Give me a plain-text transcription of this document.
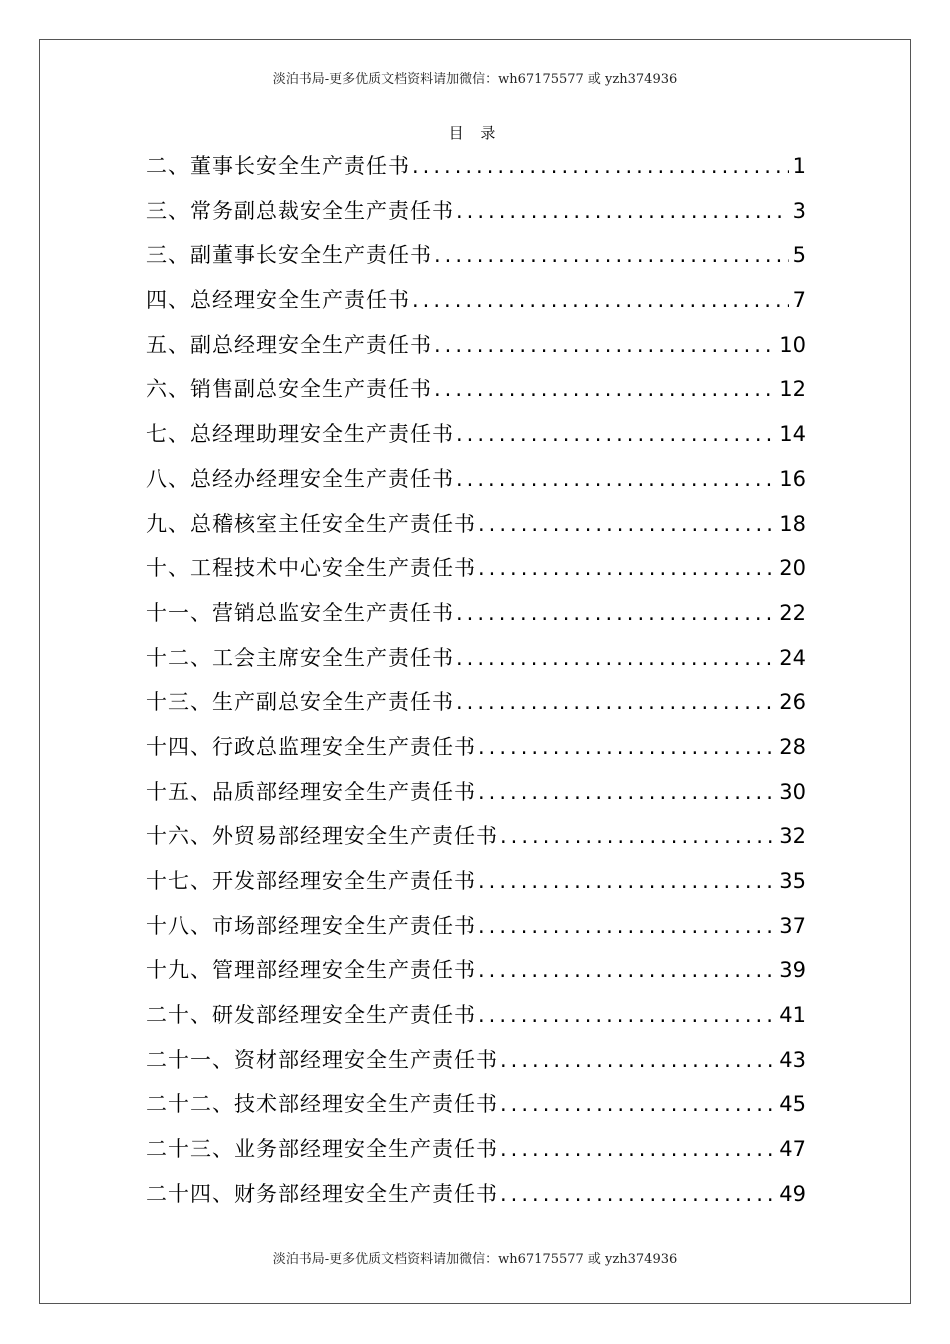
淡泊书局-更多优质文档资料请加微信：wh67175577 或 yzh374936
目 录
二、董事长安全生产责任书 .....	1
三、常务副总裁安全生产责任书 .....	3
三、副董事长安全生产责任书 .....	5
四、总经理安全生产责任书 .....	7
五、副总经理安全生产责任书 .....	10
六、销售副总安全生产责任书 .....	12
七、总经理助理安全生产责任书 .....	14
八、总经办经理安全生产责任书 .....	16
九、总稽核室主任安全生产责任书 .....	18
十、工程技术中心安全生产责任书 .....	20
十一、营销总监安全生产责任书 .....	22
十二、工会主席安全生产责任书 .....	24
十三、生产副总安全生产责任书 .....	26
十四、行政总监理安全生产责任书 .....	28
十五、品质部经理安全生产责任书 .....	30
十六、外贸易部经理安全生产责任书 .....	32
十七、开发部经理安全生产责任书 .....	35
十八、市场部经理安全生产责任书 .....	37
十九、管理部经理安全生产责任书 .....	39
二十、研发部经理安全生产责任书 .....	41
二十一、资材部经理安全生产责任书 .....	43
二十二、技术部经理安全生产责任书 .....	45
二十三、业务部经理安全生产责任书 .....	47
二十四、财务部经理安全生产责任书 .....	49
淡泊书局-更多优质文档资料请加微信：wh67175577 或 yzh374936
